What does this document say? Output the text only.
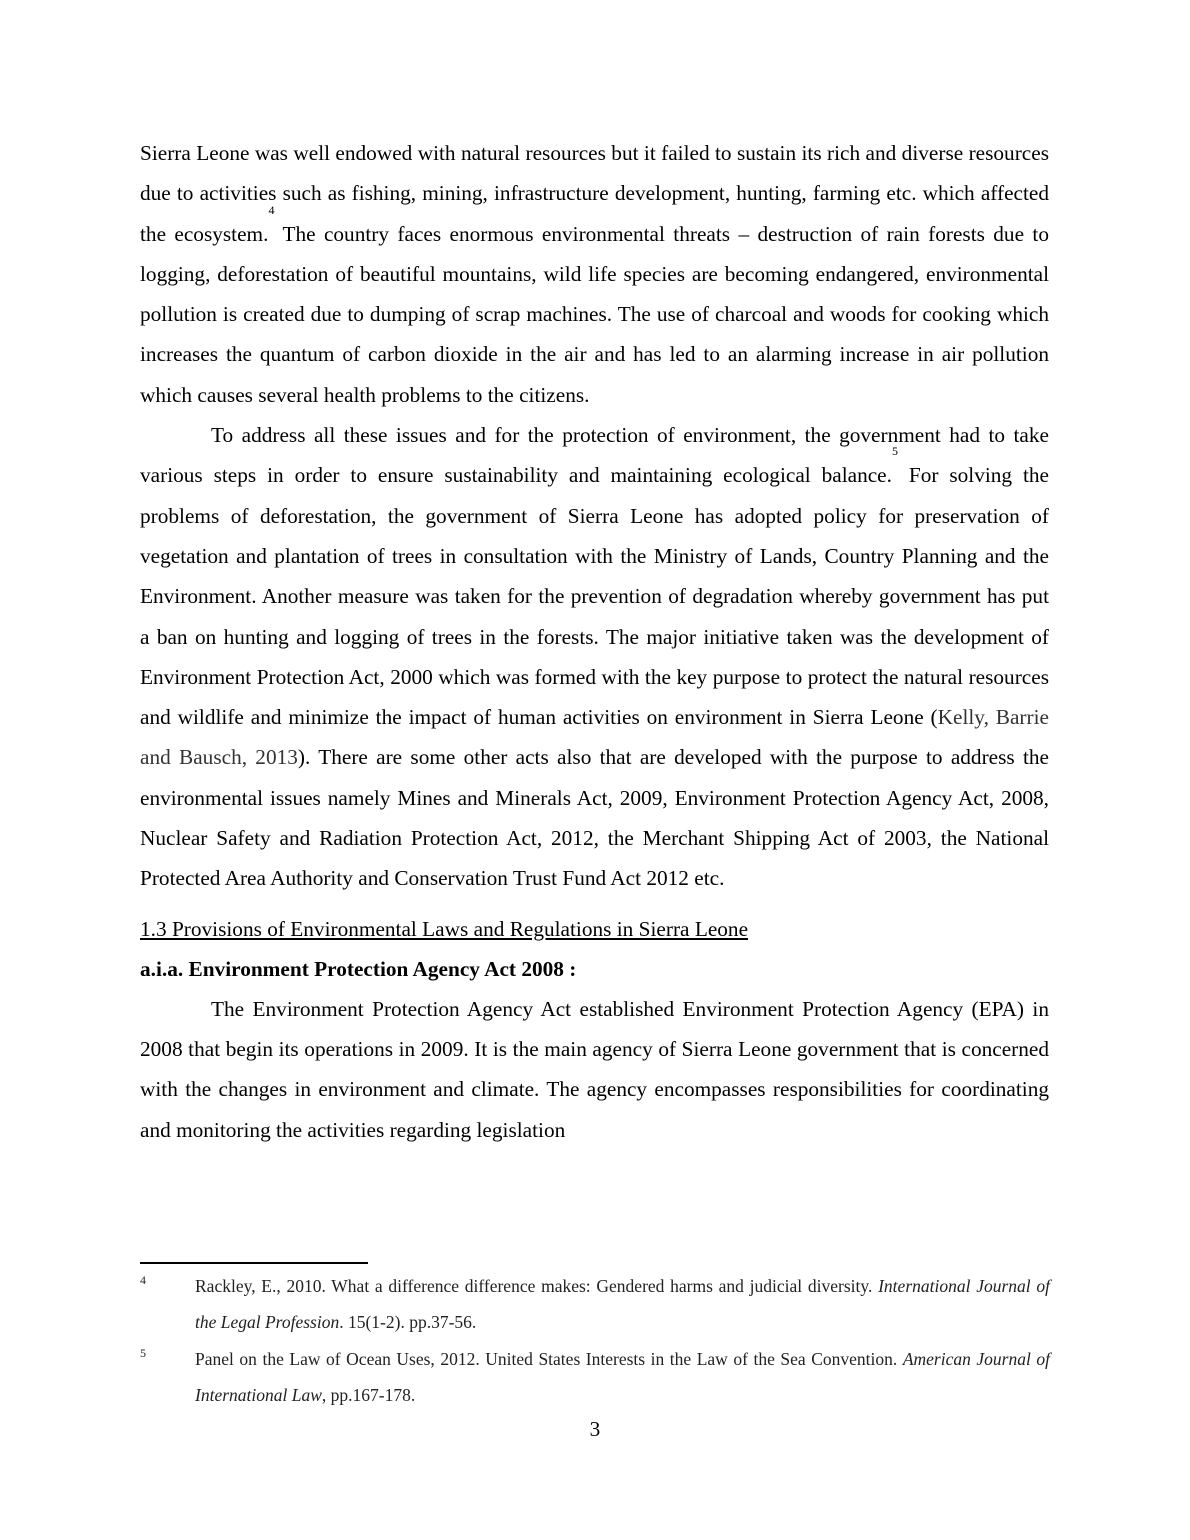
Sierra Leone was well endowed with natural resources but it failed to sustain its rich and diverse resources due to activities such as fishing, mining, infrastructure development, hunting, farming etc. which affected the ecosystem.$^4$ The country faces enormous environmental threats – destruction of rain forests due to logging, deforestation of beautiful mountains, wild life species are becoming endangered, environmental pollution is created due to dumping of scrap machines. The use of charcoal and woods for cooking which increases the quantum of carbon dioxide in the air and has led to an alarming increase in air pollution which causes several health problems to the citizens.

To address all these issues and for the protection of environment, the government had to take various steps in order to ensure sustainability and maintaining ecological balance.$^5$ For solving the problems of deforestation, the government of Sierra Leone has adopted policy for preservation of vegetation and plantation of trees in consultation with the Ministry of Lands, Country Planning and the Environment. Another measure was taken for the prevention of degradation whereby government has put a ban on hunting and logging of trees in the forests. The major initiative taken was the development of Environment Protection Act, 2000 which was formed with the key purpose to protect the natural resources and wildlife and minimize the impact of human activities on environment in Sierra Leone (Kelly, Barrie and Bausch, 2013). There are some other acts also that are developed with the purpose to address the environmental issues namely Mines and Minerals Act, 2009, Environment Protection Agency Act, 2008, Nuclear Safety and Radiation Protection Act, 2012, the Merchant Shipping Act of 2003, the National Protected Area Authority and Conservation Trust Fund Act 2012 etc.

1.3 Provisions of Environmental Laws and Regulations in Sierra Leone

a.i.a. Environment Protection Agency Act 2008 :

The Environment Protection Agency Act established Environment Protection Agency (EPA) in 2008 that begin its operations in 2009. It is the main agency of Sierra Leone government that is concerned with the changes in environment and climate. The agency encompasses responsibilities for coordinating and monitoring the activities regarding legislation

4	Rackley, E., 2010. What a difference difference makes: Gendered harms and judicial diversity. International Journal of the Legal Profession. 15(1-2). pp.37-56.
5	Panel on the Law of Ocean Uses, 2012. United States Interests in the Law of the Sea Convention. American Journal of International Law, pp.167-178.
3
